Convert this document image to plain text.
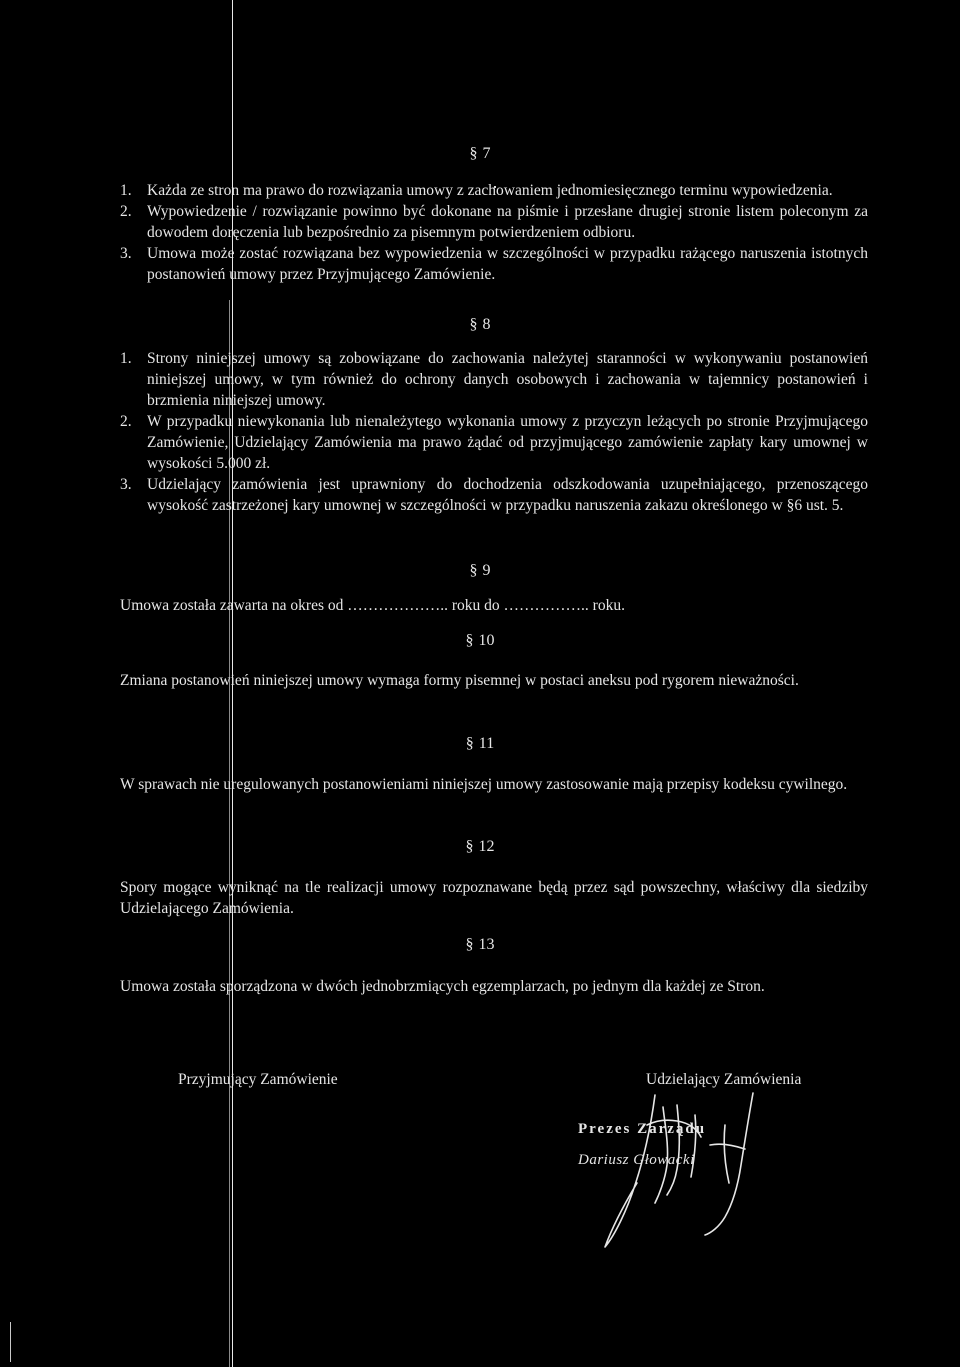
§ 7
1. Każda ze stron ma prawo do rozwiązania umowy z zachowaniem jednomiesięcznego terminu wypowiedzenia.
2. Wypowiedzenie / rozwiązanie powinno być dokonane na piśmie i przesłane drugiej stronie listem poleconym za dowodem doręczenia lub bezpośrednio za pisemnym potwierdzeniem odbioru.
3. Umowa może zostać rozwiązana bez wypowiedzenia w szczególności w przypadku rażącego naruszenia istotnych postanowień umowy przez Przyjmującego Zamówienie.
§ 8
1. Strony niniejszej umowy są zobowiązane do zachowania należytej staranności w wykonywaniu postanowień niniejszej umowy, w tym również do ochrony danych osobowych i zachowania w tajemnicy postanowień i brzmienia niniejszej umowy.
2. W przypadku niewykonania lub nienależytego wykonania umowy z przyczyn leżących po stronie Przyjmującego Zamówienie, Udzielający Zamówienia ma prawo żądać od przyjmującego zamówienie zapłaty kary umownej w wysokości 5.000 zł.
3. Udzielający zamówienia jest uprawniony do dochodzenia odszkodowania uzupełniającego, przenoszącego wysokość zastrzeżonej kary umownej w szczególności w przypadku naruszenia zakazu określonego w §6 ust. 5.
§ 9
Umowa została zawarta na okres od ……………….. roku do …………….. roku.
§ 10
Zmiana postanowień niniejszej umowy wymaga formy pisemnej w postaci aneksu pod rygorem nieważności.
§ 11
W sprawach nie uregulowanych postanowieniami niniejszej umowy zastosowanie mają przepisy kodeksu cywilnego.
§ 12
Spory mogące wyniknąć na tle realizacji umowy rozpoznawane będą przez sąd powszechny, właściwy dla siedziby Udzielającego Zamówienia.
§ 13
Umowa została sporządzona w dwóch jednobrzmiących egzemplarzach, po jednym dla każdej ze Stron.
Przyjmujący Zamówienie	Udzielający Zamówienia
Prezes Zarządu
Dariusz Głowacki
